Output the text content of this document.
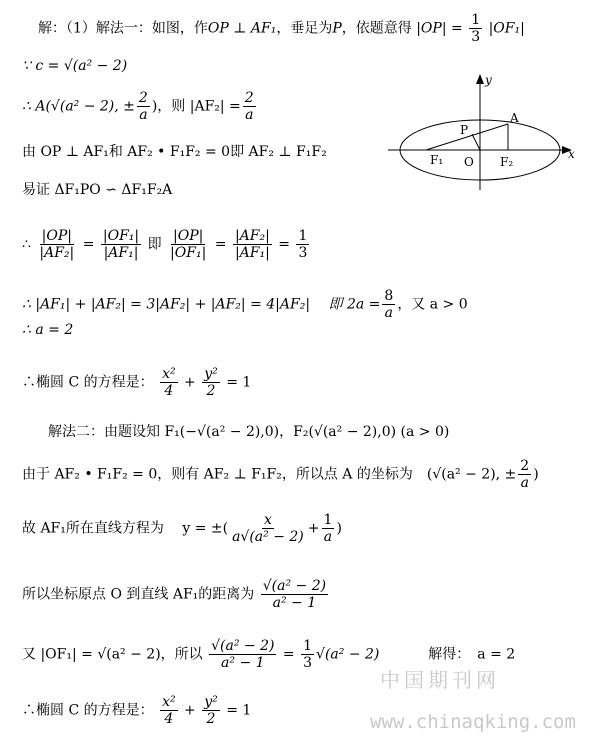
解：（1）解法一：如图，作OP ⊥ AF₁，垂足为P，依题意得 $|OP| = \frac{1}{3} |OF_1|$
∵ c = √(a² − 2)
∴ A(√(a² − 2), ± $\frac{2}{a}$ )，则 $|AF_2| = \frac{2}{a}$
由 OP ⊥ AF₁和 AF₂ • F₁F₂ = 0即 AF₂ ⊥ F₁F₂
易证 ΔF₁PO ∽ ΔF₁F₂A
∴ $\frac{|OP|}{\text{|AF₂|}} = \frac{\text{|OF₁|}}{\text{|AF₁|}}$ 即 $\frac{|OP|}{\text{|OF₁|}} = \frac{\text{|AF₂|}}{\text{|AF₁|}} = \frac{1}{3}$
∴ |AF₁| + |AF₂| = 3|AF₂| + |AF₂| = 4|AF₂|　 即 $2a = \frac{8}{a}$ ，又 a > 0
∴ a = 2
∴椭圆 C 的方程是： $\frac{\text{x²}}{4} + \frac{\text{y²}}{2} = 1$
解法二：由题设知 F₁(−√(a² − 2),0)，F₂(√(a² − 2),0) (a > 0)
由于 AF₂ • F₁F₂ = 0，则有 AF₂ ⊥ F₁F₂，所以点 A 的坐标为　(√(a² − 2), ± $\frac{2}{a}$ )
故 AF₁所在直线方程为　 y = ±( $\frac{x}{\text{a√(a² − 2)}} + \frac{1}{a}$ )
所以坐标原点 O 到直线 AF₁的距离为 $\frac{\text{√(a² − 2)}}{\text{a² − 1}}$
又 |OF₁| = √(a² − 2)，所以 $\frac{\text{√(a² − 2)}}{\text{a² − 1}} = \frac{1}{3} √(a^2 - 2)$	解得：　a = 2
∴椭圆 C 的方程是： $\frac{\text{x²}}{4} + \frac{\text{y²}}{2} = 1$
y
x
P
A
F₁ O F₂
中国期刊网
www.chinaqking.com
